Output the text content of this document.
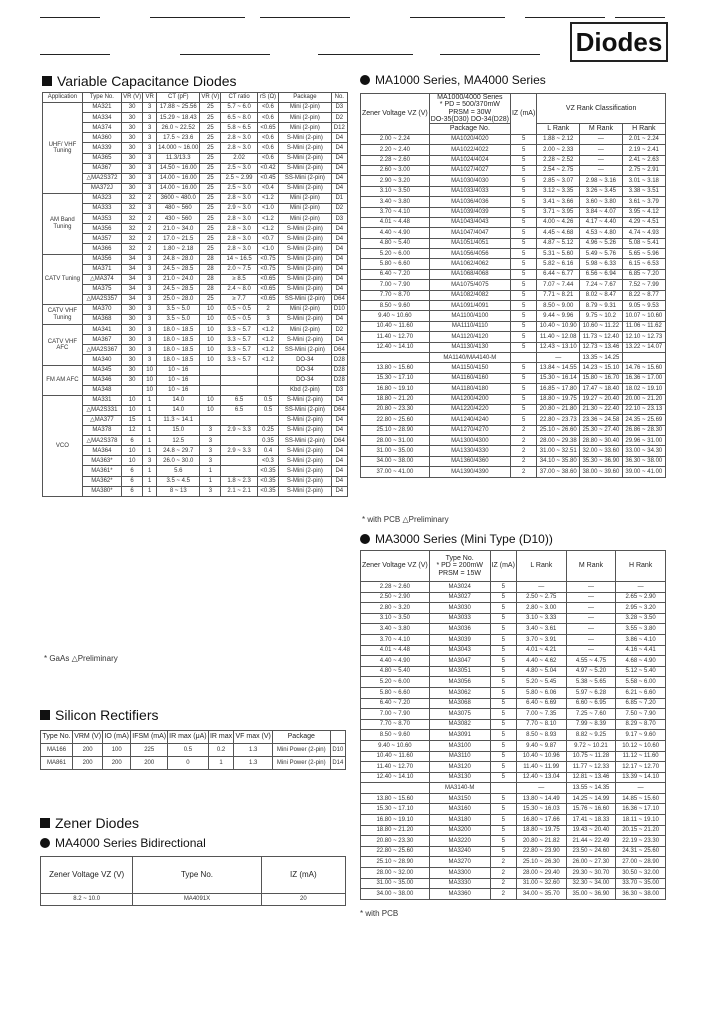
Diodes
Variable Capacitance Diodes
Application	Type No.	VR (V)	VR	CT (pF)	VR (V)	CT ratio	rS (Ω)	Package	No.
UHF/ VHF Tuning	MA321	30	3	17.88 ~ 25.56	25	5.7 ~ 6.0	<0.6	Mini (2-pin)	D3
	MA334	30	3	15.29 ~ 18.43	25	6.5 ~ 8.0	<0.6	Mini (2-pin)	D2
	MA374	30	3	26.0 ~ 22.52	25	5.8 ~ 6.5	<0.65	Mini (2-pin)	D12
	MA360	30	3	17.5 ~ 23.6	25	2.8 ~ 3.0	<0.6	S-Mini (2-pin)	D4
	MA339	30	3	14.000 ~ 16.00	25	2.8 ~ 3.0	<0.6	S-Mini (2-pin)	D4
	MA365	30	3	11.3/13.3	25	2.02	<0.6	S-Mini (2-pin)	D4
	MA367	30	3	14.50 ~ 16.00	25	2.5 ~ 3.0	<0.42	S-Mini (2-pin)	D4
	△MA2S372	30	3	14.00 ~ 16.00	25	2.5 ~ 2.99	<0.45	SS-Mini (2-pin)	D4
	MA372J	30	3	14.00 ~ 16.00	25	2.5 ~ 3.0	<0.4	S-Mini (2-pin)	D4
AM Band Tuning	MA323	32	2	3600 ~ 480.0	25	2.8 ~ 3.0	<1.2	Mini (2-pin)	D1
	MA333	32	3	480 ~ 560	25	2.9 ~ 3.0	<1.0	Mini (2-pin)	D2
	MA353	32	2	430 ~ 560	25	2.8 ~ 3.0	<1.2	Mini (2-pin)	D3
	MA356	32	2	21.0 ~ 34.0	25	2.8 ~ 3.0	<1.2	S-Mini (2-pin)	D4
	MA357	32	2	17.0 ~ 21.5	25	2.8 ~ 3.0	<0.7	S-Mini (2-pin)	D4
	MA366	32	2	1.80 ~ 2.18	25	2.8 ~ 3.0	<1.0	S-Mini (2-pin)	D4
CATV Tuning	MA356	34	3	24.8 ~ 28.0	28	14 ~ 16.5	<0.75	S-Mini (2-pin)	D4
	MA371	34	3	24.5 ~ 28.5	28	2.0 ~ 7.5	<0.75	S-Mini (2-pin)	D4
	△MA374	34	3	21.0 ~ 24.0	28	≥ 8.5	<0.65	S-Mini (2-pin)	D4
	MA375	34	3	24.5 ~ 28.5	28	2.4 ~ 8.0	<0.65	S-Mini (2-pin)	D4
	△MA2S357	34	3	25.0 ~ 28.0	25	≥ 7.7	<0.65	SS-Mini (2-pin)	D64
CATV VHF Tuning	MA370	30	3	3.5 ~ 5.0	10	0.5 ~ 0.5	2	Mini (2-pin)	D10
	MA368	30	3	3.5 ~ 5.0	10	0.5 ~ 0.5	3	S-Mini (2-pin)	D4
CATV VHF AFC	MA341	30	3	18.0 ~ 18.5	10	3.3 ~ 5.7	<1.2	Mini (2-pin)	D2
	MA367	30	3	18.0 ~ 18.5	10	3.3 ~ 5.7	<1.2	S-Mini (2-pin)	D4
	△MA2S367	30	3	18.0 ~ 18.5	10	3.3 ~ 5.7	<1.2	SS-Mini (2-pin)	D64
	MA340	30	3	18.0 ~ 18.5	10	3.3 ~ 5.7	<1.2	DO-34	D28
FM AM AFC	MA345	30	10	10 ~ 16				DO-34	D28
	MA346	30	10	10 ~ 16				DO-34	D28
	MA348		10	10 ~ 16				Kbd (2-pin)	D3
VCO	MA331	10	1	14.0	10	6.5	0.5	S-Mini (2-pin)	D4
	△MA2S331	10	1	14.0	10	6.5	0.5	SS-Mini (2-pin)	D64
	△MA377	15	1	11.3 ~ 14.1				S-Mini (2-pin)	D4
	MA378	12	1	15.0	3	2.9 ~ 3.3	0.25	S-Mini (2-pin)	D4
	△MA2S378	6	1	12.5	3		0.35	SS-Mini (2-pin)	D64
	MA364	10	1	24.8 ~ 29.7	3	2.9 ~ 3.3	0.4	S-Mini (2-pin)	D4
	MA363*	10	3	26.0 ~ 30.0	3		<0.3	S-Mini (2-pin)	D4
	MA361*	6	1	5.6	1		<0.35	S-Mini (2-pin)	D4
	MA362*	6	1	3.5 ~ 4.5	1	1.8 ~ 2.3	<0.35	S-Mini (2-pin)	D4
	MA380*	6	1	8 ~ 13	3	2.1 ~ 2.1	<0.35	S-Mini (2-pin)	D4
* GaAs △Preliminary
Silicon Rectifiers
Type No.	VRM (V)	IO (mA)	IFSM (mA)	IR max (μA)	IR max	VF max (V)	Package	
MA166	200	100	225	0.5	0.2	1.3	Mini Power (2-pin)	D10
MA861	200	200	200	0	1	1.3	Mini Power (2-pin)	D14
Zener Diodes
MA4000 Series Bidirectional
Zener Voltage VZ (V)	Type No.	IZ (mA)
8.2 ~ 10.0	MA4091X	20
MA1000 Series, MA4000 Series
Zener Voltage VZ (V)	MA1000/4000 Series
* PD = 500/370mW
PRSM = 30W
DO-35(D30) DO-34(D28)	IZ (mA)	VZ Rank Classification		
	Package No.		L Rank	M Rank	H Rank
2.00 ~ 2.24	MA1020/4020	5	1.88 ~ 2.12	—	2.01 ~ 2.24
2.20 ~ 2.40	MA1022/4022	5	2.00 ~ 2.33	—	2.19 ~ 2.41
2.28 ~ 2.60	MA1024/4024	5	2.28 ~ 2.52	—	2.41 ~ 2.63
2.60 ~ 3.00	MA1027/4027	5	2.54 ~ 2.75	—	2.75 ~ 2.91
2.90 ~ 3.20	MA1030/4030	5	2.85 ~ 3.07	2.98 ~ 3.16	3.01 ~ 3.18
3.10 ~ 3.50	MA1033/4033	5	3.12 ~ 3.35	3.26 ~ 3.45	3.38 ~ 3.51
3.40 ~ 3.80	MA1036/4036	5	3.41 ~ 3.66	3.60 ~ 3.80	3.61 ~ 3.79
3.70 ~ 4.10	MA1039/4039	5	3.71 ~ 3.95	3.84 ~ 4.07	3.95 ~ 4.12
4.01 ~ 4.48	MA1043/4043	5	4.00 ~ 4.26	4.17 ~ 4.40	4.29 ~ 4.51
4.40 ~ 4.90	MA1047/4047	5	4.45 ~ 4.68	4.53 ~ 4.80	4.74 ~ 4.93
4.80 ~ 5.40	MA1051/4051	5	4.87 ~ 5.12	4.96 ~ 5.26	5.08 ~ 5.41
5.20 ~ 6.00	MA1056/4056	5	5.31 ~ 5.60	5.49 ~ 5.76	5.65 ~ 5.96
5.80 ~ 6.60	MA1062/4062	5	5.82 ~ 6.16	5.98 ~ 6.33	6.15 ~ 6.53
6.40 ~ 7.20	MA1068/4068	5	6.44 ~ 6.77	6.56 ~ 6.94	6.85 ~ 7.20
7.00 ~ 7.90	MA1075/4075	5	7.07 ~ 7.44	7.24 ~ 7.67	7.52 ~ 7.99
7.70 ~ 8.70	MA1082/4082	5	7.71 ~ 8.21	8.02 ~ 8.47	8.22 ~ 8.77
8.50 ~ 9.60	MA1091/4091	5	8.50 ~ 9.00	8.79 ~ 9.31	9.05 ~ 9.53
9.40 ~ 10.60	MA1100/4100	5	9.44 ~ 9.96	9.75 ~ 10.2	10.07 ~ 10.60
10.40 ~ 11.60	MA1110/4110	5	10.40 ~ 10.90	10.60 ~ 11.22	11.06 ~ 11.62
11.40 ~ 12.70	MA1120/4120	5	11.40 ~ 12.08	11.73 ~ 12.40	12.10 ~ 12.73
12.40 ~ 14.10	MA1130/4130	5	12.43 ~ 13.10	12.73 ~ 13.46	13.22 ~ 14.07
	MA1140/MA4140-M		—	13.35 ~ 14.25	
13.80 ~ 15.60	MA1150/4150	5	13.84 ~ 14.55	14.23 ~ 15.10	14.76 ~ 15.60
15.30 ~ 17.10	MA1160/4160	5	15.30 ~ 16.14	15.80 ~ 16.70	16.36 ~ 17.00
16.80 ~ 19.10	MA1180/4180	5	16.85 ~ 17.80	17.47 ~ 18.40	18.02 ~ 19.10
18.80 ~ 21.20	MA1200/4200	5	18.80 ~ 19.75	19.27 ~ 20.40	20.00 ~ 21.20
20.80 ~ 23.30	MA1220/4220	5	20.80 ~ 21.80	21.30 ~ 22.40	22.10 ~ 23.13
22.80 ~ 25.60	MA1240/4240	5	22.80 ~ 23.73	23.36 ~ 24.58	24.35 ~ 25.69
25.10 ~ 28.90	MA1270/4270	2	25.10 ~ 26.60	25.30 ~ 27.40	26.86 ~ 28.30
28.00 ~ 31.00	MA1300/4300	2	28.00 ~ 29.38	28.80 ~ 30.40	29.96 ~ 31.00
31.00 ~ 35.00	MA1330/4330	2	31.00 ~ 32.51	32.00 ~ 33.60	33.00 ~ 34.30
34.00 ~ 38.00	MA1360/4360	2	34.10 ~ 35.80	35.30 ~ 36.90	36.30 ~ 38.00
37.00 ~ 41.00	MA1390/4390	2	37.00 ~ 38.60	38.00 ~ 39.60	39.00 ~ 41.00
* with PCB △Preliminary
MA3000 Series (Mini Type (D10))
Zener Voltage VZ (V)	Type No.
* PD = 200mW
PRSM = 15W	IZ (mA)	L Rank	M Rank	H Rank
2.28 ~ 2.60	MA3024	5	—	—	—
2.50 ~ 2.90	MA3027	5	2.50 ~ 2.75	—	2.65 ~ 2.90
2.80 ~ 3.20	MA3030	5	2.80 ~ 3.00	—	2.95 ~ 3.20
3.10 ~ 3.50	MA3033	5	3.10 ~ 3.33	—	3.28 ~ 3.50
3.40 ~ 3.80	MA3036	5	3.40 ~ 3.61	—	3.55 ~ 3.80
3.70 ~ 4.10	MA3039	5	3.70 ~ 3.91	—	3.86 ~ 4.10
4.01 ~ 4.48	MA3043	5	4.01 ~ 4.21	—	4.16 ~ 4.41
4.40 ~ 4.90	MA3047	5	4.40 ~ 4.62	4.55 ~ 4.75	4.68 ~ 4.90
4.80 ~ 5.40	MA3051	5	4.80 ~ 5.04	4.97 ~ 5.20	5.12 ~ 5.40
5.20 ~ 6.00	MA3056	5	5.20 ~ 5.45	5.38 ~ 5.65	5.58 ~ 6.00
5.80 ~ 6.60	MA3062	5	5.80 ~ 6.06	5.97 ~ 6.28	6.21 ~ 6.60
6.40 ~ 7.20	MA3068	5	6.40 ~ 6.69	6.60 ~ 6.95	6.85 ~ 7.20
7.00 ~ 7.90	MA3075	5	7.00 ~ 7.35	7.25 ~ 7.60	7.50 ~ 7.90
7.70 ~ 8.70	MA3082	5	7.70 ~ 8.10	7.99 ~ 8.39	8.29 ~ 8.70
8.50 ~ 9.60	MA3091	5	8.50 ~ 8.93	8.82 ~ 9.25	9.17 ~ 9.60
9.40 ~ 10.60	MA3100	5	9.40 ~ 9.87	9.72 ~ 10.21	10.12 ~ 10.60
10.40 ~ 11.60	MA3110	5	10.40 ~ 10.96	10.75 ~ 11.28	11.12 ~ 11.60
11.40 ~ 12.70	MA3120	5	11.40 ~ 11.99	11.77 ~ 12.33	12.17 ~ 12.70
12.40 ~ 14.10	MA3130	5	12.40 ~ 13.04	12.81 ~ 13.46	13.39 ~ 14.10
	MA3140-M		—	13.55 ~ 14.35	—
13.80 ~ 15.60	MA3150	5	13.80 ~ 14.49	14.25 ~ 14.99	14.85 ~ 15.60
15.30 ~ 17.10	MA3160	5	15.30 ~ 16.03	15.76 ~ 16.60	16.36 ~ 17.10
16.80 ~ 19.10	MA3180	5	16.80 ~ 17.66	17.41 ~ 18.33	18.11 ~ 19.10
18.80 ~ 21.20	MA3200	5	18.80 ~ 19.75	19.43 ~ 20.40	20.15 ~ 21.20
20.80 ~ 23.30	MA3220	5	20.80 ~ 21.82	21.44 ~ 22.49	22.19 ~ 23.30
22.80 ~ 25.60	MA3240	5	22.80 ~ 23.90	23.50 ~ 24.60	24.31 ~ 25.60
25.10 ~ 28.90	MA3270	2	25.10 ~ 26.30	26.00 ~ 27.30	27.00 ~ 28.90
28.00 ~ 32.00	MA3300	2	28.00 ~ 29.40	29.30 ~ 30.70	30.50 ~ 32.00
31.00 ~ 35.00	MA3330	2	31.00 ~ 32.60	32.30 ~ 34.00	33.70 ~ 35.00
34.00 ~ 38.00	MA3360	2	34.00 ~ 35.70	35.00 ~ 36.90	36.30 ~ 38.00
* with PCB
